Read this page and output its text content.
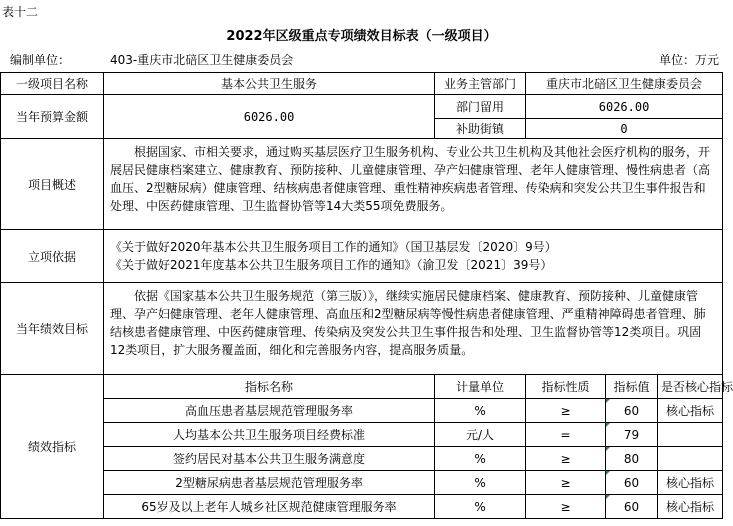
表十二
2022年区级重点专项绩效目标表（一级项目）
编制单位：	403-重庆市北碚区卫生健康委员会	单位：万元
一级项目名称	基本公共卫生服务	业务主管部门	重庆市北碚区卫生健康委员会		
当年预算金额	6026.00	部门留用	6026.00		
		补助街镇	0		
项目概述	根据国家、市相关要求，通过购买基层医疗卫生服务机构、专业公共卫生机构及其他社会医疗机构的服务，开展居民健康档案建立、健康教育、预防接种、儿童健康管理、孕产妇健康管理、老年人健康管理、慢性病患者（高血压、2型糖尿病）健康管理、结核病患者健康管理、重性精神疾病患者管理、传染病和突发公共卫生事件报告和处理、中医药健康管理、卫生监督协管等14大类55项免费服务。				
立项依据	《关于做好2020年基本公共卫生服务项目工作的通知》（国卫基层发〔2020〕9号）
《关于做好2021年度基本公共卫生服务项目工作的通知》（渝卫发〔2021〕39号）				

当年绩效目标	依据《国家基本公共卫生服务规范（第三版）》，继续实施居民健康档案、健康教育、预防接种、儿童健康管理、孕产妇健康管理、老年人健康管理、高血压和2型糖尿病等慢性病患者健康管理、严重精神障碍患者管理、肺结核患者健康管理、中医药健康管理、传染病及突发公共卫生事件报告和处理、卫生监督协管等12类项目。巩固12类项目，扩大服务覆盖面，细化和完善服务内容，提高服务质量。				
绩效指标	指标名称	计量单位	指标性质	指标值	是否核心指标
	高血压患者基层规范管理服务率	%	≥	60	核心指标
	人均基本公共卫生服务项目经费标准	元/人	=	79	
	签约居民对基本公共卫生服务满意度	%	≥	80	
	2型糖尿病患者基层规范管理服务率	%	≥	60	核心指标
	65岁及以上老年人城乡社区规范健康管理服务率	%	≥	60	核心指标
